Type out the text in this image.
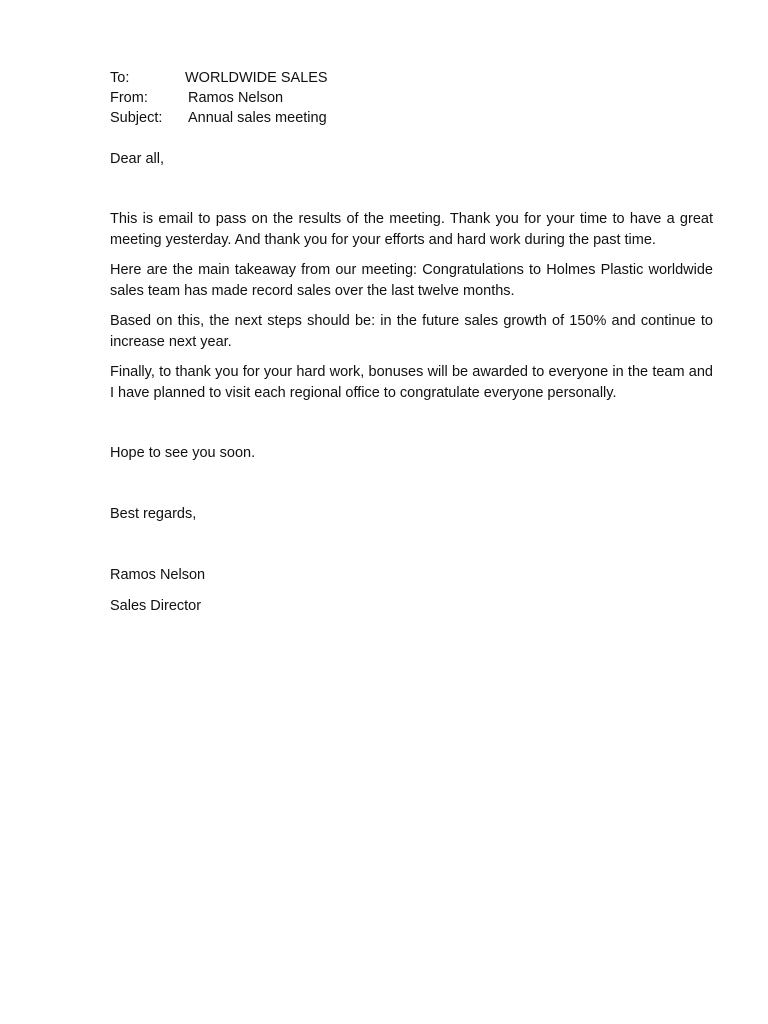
To:	WORLDWIDE SALES
From:	Ramos Nelson
Subject:	Annual sales meeting
Dear all,

This is email to pass on the results of the meeting. Thank you for your time to have a great meeting yesterday. And thank you for your efforts and hard work during the past time.

Here are the main takeaway from our meeting: Congratulations to Holmes Plastic worldwide sales team has made record sales over the last twelve months.

Based on this, the next steps should be: in the future sales growth of 150% and continue to increase next year.

Finally, to thank you for your hard work, bonuses will be awarded to everyone in the team and I have planned to visit each regional office to congratulate everyone personally.

Hope to see you soon.
Best regards,
Ramos Nelson
Sales Director
